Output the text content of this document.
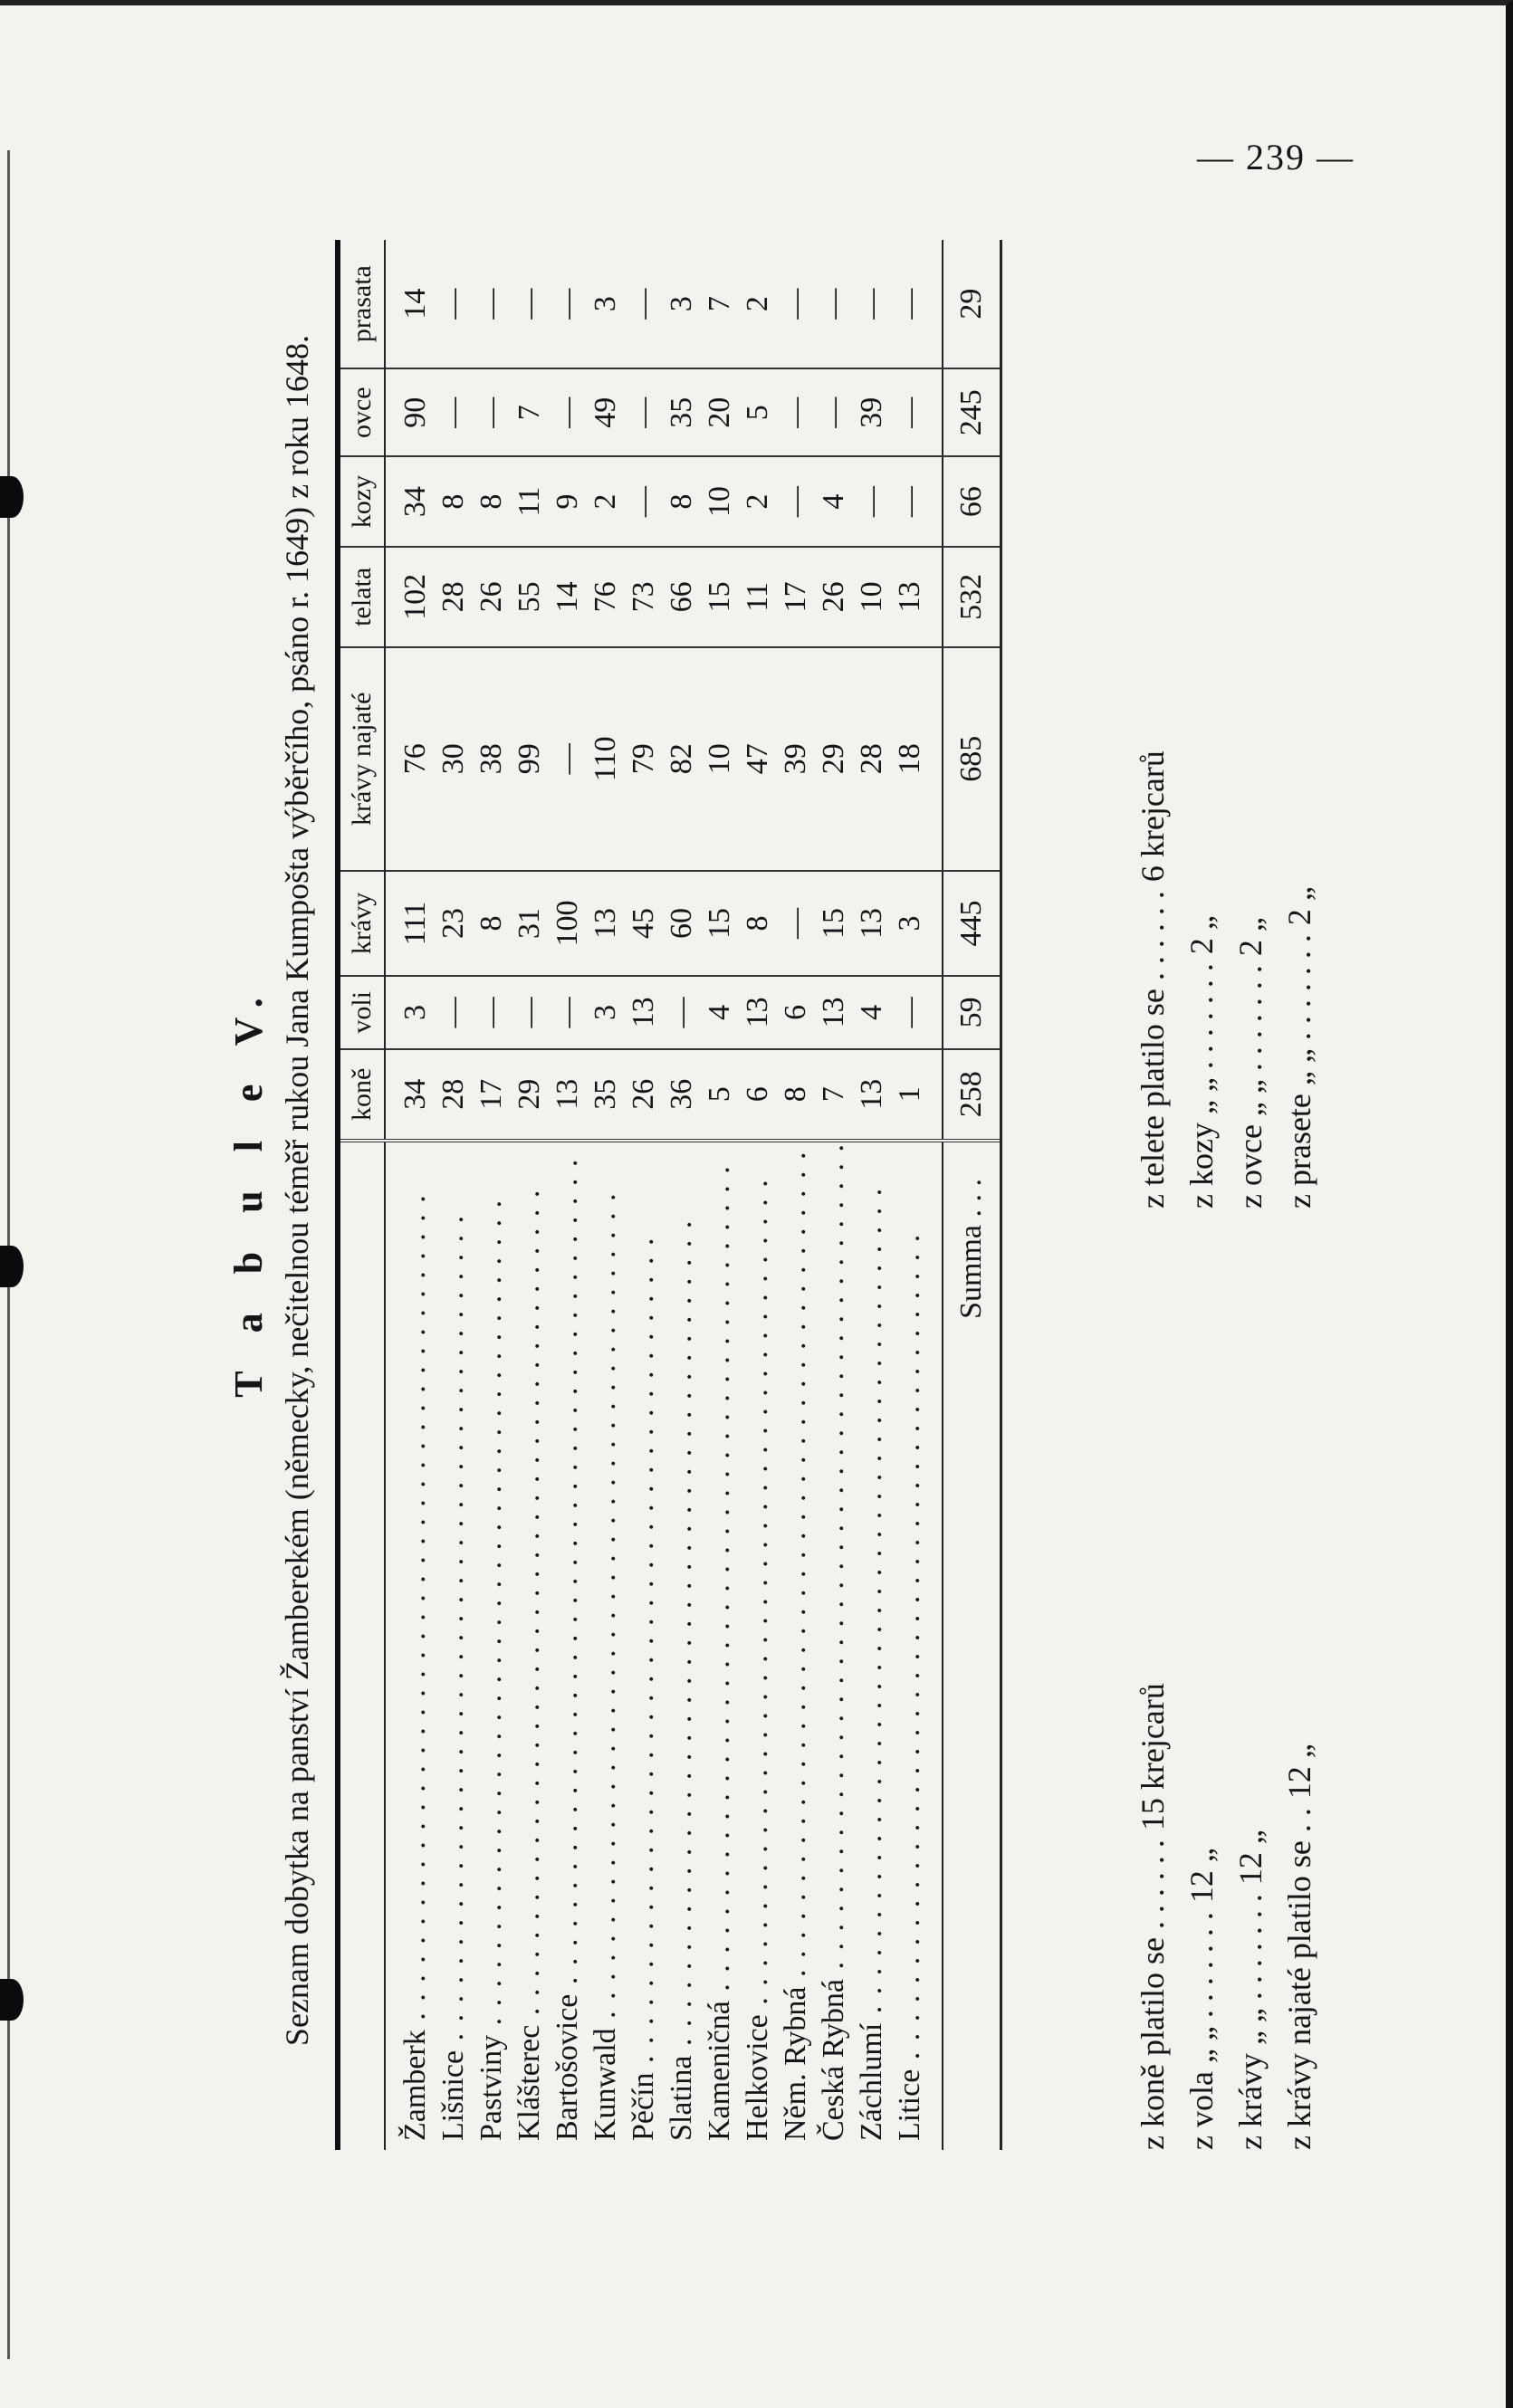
— 239 —
T a b u l e V. Seznam dobytka na panství Žamberekém (německy, nečitelnou téměř rukou Jana Kumpošta výběrčího, psáno r. 1649) z roku 1648.

	koně	voli	krávy	krávy najaté	telata	kozy	ovce	prasata
Žamberk . . .	34	3	111	76	102	34	90	14
Lišnice . . .	28	—	23	30	28	8	—	—
Pastviny . . .	17	—	8	38	26	8	—	—
Klášterec . . .	29	—	31	99	55	11	7	—
Bartošovice . . .	13	—	100	—	14	9	—	—
Kunwald . . .	35	3	13	110	76	2	49	3
Pěčín . . .	26	13	45	79	73	—	—	—
Slatina . . .	36	—	60	82	66	8	35	3
Kameničná . . .	5	4	15	10	15	10	20	7
Helkovice . . .	6	13	8	47	11	2	5	2
Něm. Rybná . . .	8	6	—	39	17	—	—	—
Česká Rybná . . .	7	13	15	29	26	4	—	—
Záchlumí . . .	13	4	13	28	10	—	39	—
Litice . . .	1	—	3	18	13	—	—	—
Summa . . .	258	59	445	685	532	66	245	29
z koně platilo se . . . . . .15 krejcarů
z vola „ „ . . . . . . .12 „
z krávy „ „ . . . . . . .12 „ z krávy najaté platilo se . .12 „
z telete platilo se . . . . . .6 krejcarů
z kozy „ „ . . . . . . .2 „
z ovce „ „ . . . . . . .2 „ z prasete „ „ . . . . . . .2 „
